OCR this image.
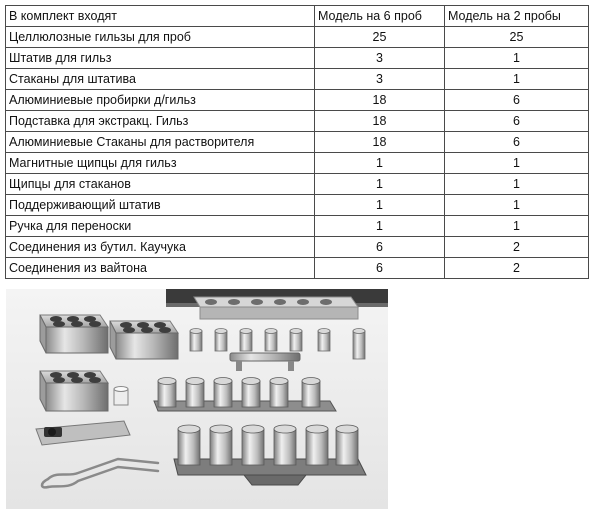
В комплект входят	Модель на 6 проб	Модель на 2 пробы
Целлюлозные гильзы для проб	25	25
Штатив для гильз	3	1
Стаканы для штатива	3	1
Алюминиевые пробирки д/гильз	18	6
Подставка для экстракц. Гильз	18	6
Алюминиевые Стаканы для растворителя	18	6
Магнитные щипцы для гильз	1	1
Щипцы для стаканов	1	1
Поддерживающий штатив	1	1
Ручка для переноски	1	1
Соединения из бутил. Каучука	6	2
Соединения из вайтона	6	2
